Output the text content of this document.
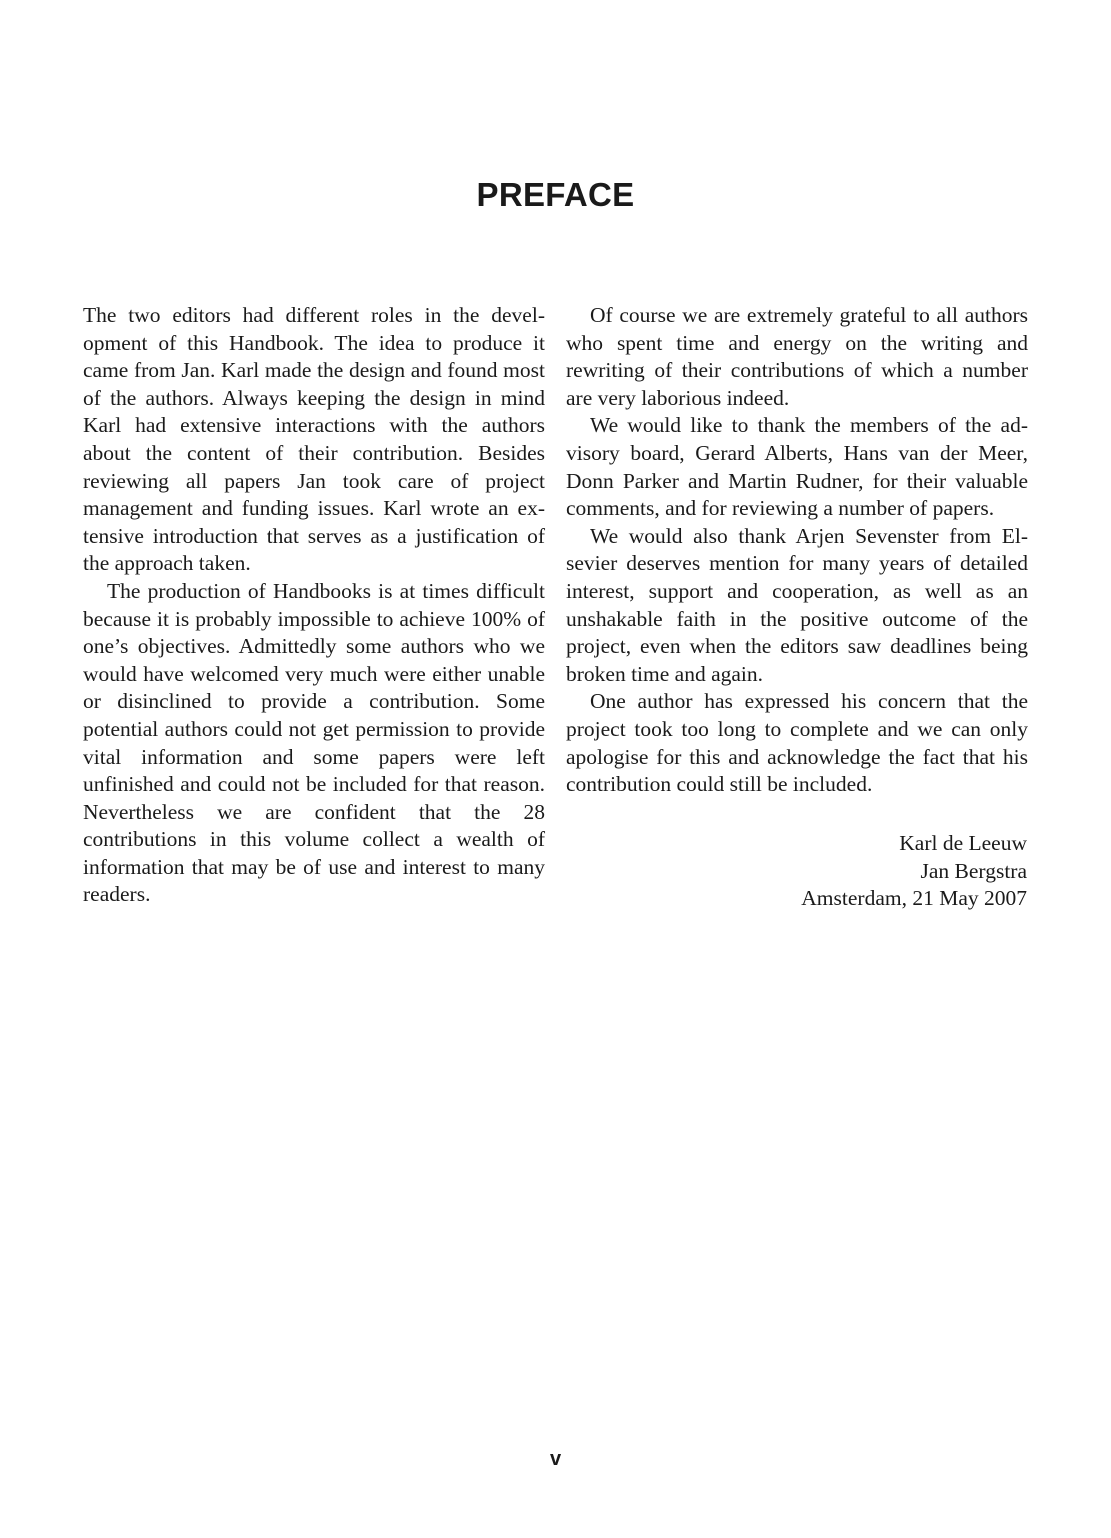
PREFACE

The two editors had different roles in the development of this Handbook. The idea to produce it came from Jan. Karl made the design and found most of the authors. Always keeping the design in mind Karl had extensive interactions with the authors about the content of their contribution. Besides reviewing all papers Jan took care of project management and funding issues. Karl wrote an extensive introduction that serves as a justification of the approach taken.

The production of Handbooks is at times difficult because it is probably impossible to achieve 100% of one’s objectives. Admittedly some authors who we would have welcomed very much were either unable or disinclined to provide a contribution. Some potential authors could not get permission to provide vital information and some papers were left unfinished and could not be included for that reason. Nevertheless we are confident that the 28 contributions in this volume collect a wealth of information that may be of use and interest to many readers.

Of course we are extremely grateful to all authors who spent time and energy on the writing and rewriting of their contributions of which a number are very laborious indeed.

We would like to thank the members of the advisory board, Gerard Alberts, Hans van der Meer, Donn Parker and Martin Rudner, for their valuable comments, and for reviewing a number of papers.

We would also thank Arjen Sevenster from Elsevier deserves mention for many years of detailed interest, support and cooperation, as well as an unshakable faith in the positive outcome of the project, even when the editors saw deadlines being broken time and again.

One author has expressed his concern that the project took too long to complete and we can only apologise for this and acknowledge the fact that his contribution could still be included.

Karl de Leeuw
Jan Bergstra
Amsterdam, 21 May 2007
v
